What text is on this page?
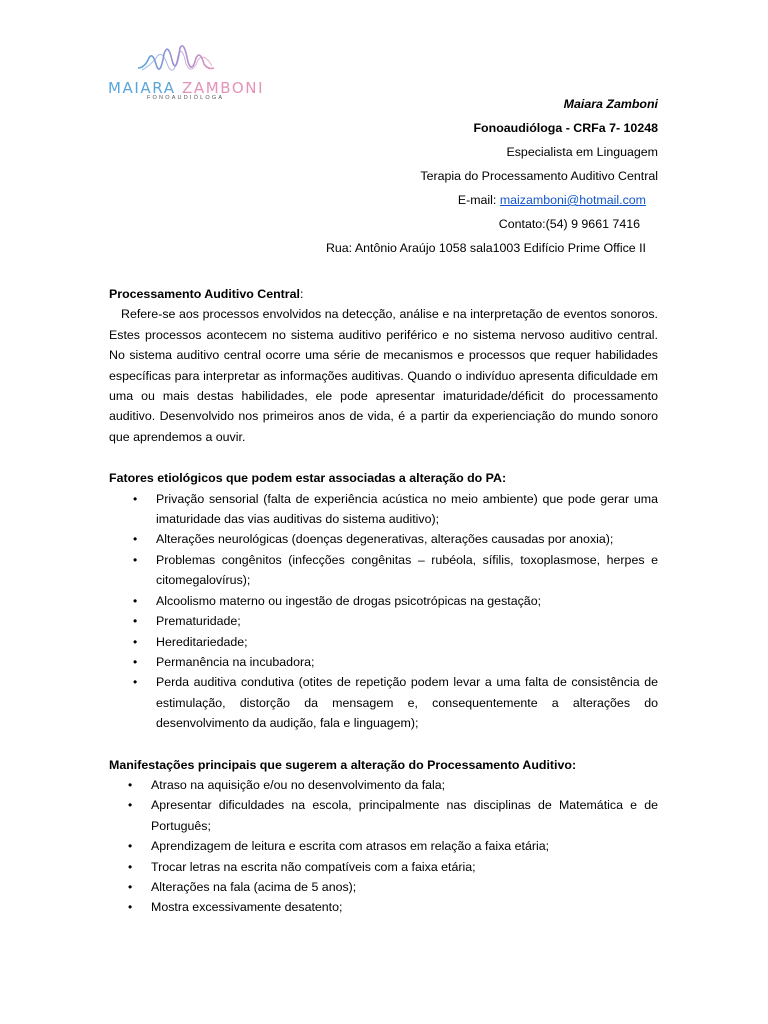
MAIARA ZAMBONI
FONOAUDIÓLOGA	Maiara Zamboni
Fonoaudióloga - CRFa 7- 10248
Especialista em Linguagem
Terapia do Processamento Auditivo Central
E-mail: maizamboni@hotmail.com
Contato:(54) 9 9661 7416
Rua: Antônio Araújo 1058 sala1003 Edifício Prime Office II
Processamento Auditivo Central:
Refere-se aos processos envolvidos na detecção, análise e na interpretação de eventos sonoros. Estes processos acontecem no sistema auditivo periférico e no sistema nervoso auditivo central. No sistema auditivo central ocorre uma série de mecanismos e processos que requer habilidades específicas para interpretar as informações auditivas. Quando o indivíduo apresenta dificuldade em uma ou mais destas habilidades, ele pode apresentar imaturidade/déficit do processamento auditivo. Desenvolvido nos primeiros anos de vida, é a partir da experienciação do mundo sonoro que aprendemos a ouvir.
Fatores etiológicos que podem estar associadas a alteração do PA:
• Privação sensorial (falta de experiência acústica no meio ambiente) que pode gerar uma imaturidade das vias auditivas do sistema auditivo);
• Alterações neurológicas (doenças degenerativas, alterações causadas por anoxia);
• Problemas congênitos (infecções congênitas – rubéola, sífilis, toxoplasmose, herpes e citomegalovírus);
• Alcoolismo materno ou ingestão de drogas psicotrópicas na gestação;
• Prematuridade;
• Hereditariedade;
• Permanência na incubadora;
• Perda auditiva condutiva (otites de repetição podem levar a uma falta de consistência de estimulação, distorção da mensagem e, consequentemente a alterações do desenvolvimento da audição, fala e linguagem);
Manifestações principais que sugerem a alteração do Processamento Auditivo:
• Atraso na aquisição e/ou no desenvolvimento da fala;
• Apresentar dificuldades na escola, principalmente nas disciplinas de Matemática e de Português;
• Aprendizagem de leitura e escrita com atrasos em relação a faixa etária;
• Trocar letras na escrita não compatíveis com a faixa etária;
• Alterações na fala (acima de 5 anos);
• Mostra excessivamente desatento;
